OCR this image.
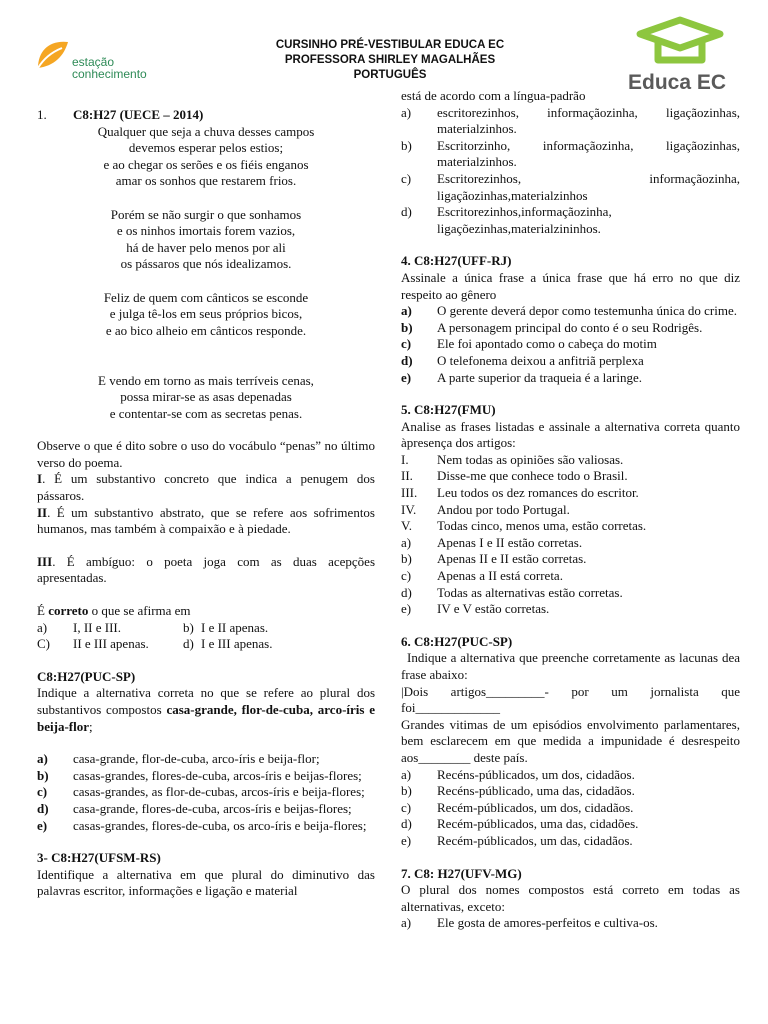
estação
conhecimento	Educa EC
CURSINHO PRÉ-VESTIBULAR EDUCA EC
PROFESSORA SHIRLEY MAGALHÃES
PORTUGUÊS
1.	C8:H27 (UECE – 2014)
Qualquer que seja a chuva desses campos
devemos esperar pelos estios;
e ao chegar os serões e os fiéis enganos
amar os sonhos que restarem frios.
Porém se não surgir o que sonhamos
e os ninhos imortais forem vazios,
há de haver pelo menos por ali
os pássaros que nós idealizamos.
Feliz de quem com cânticos se esconde
e julga tê-los em seus próprios bicos,
e ao bico alheio em cânticos responde.
E vendo em torno as mais terríveis cenas,
possa mirar-se as asas depenadas
e contentar-se com as secretas penas.

Observe o que é dito sobre o uso do vocábulo “penas” no último verso do poema.

I. É um substantivo concreto que indica a penugem dos pássaros.

II. É um substantivo abstrato, que se refere aos sofrimentos humanos, mas também à compaixão e à piedade.

III. É ambíguo: o poeta joga com as duas acepções apresentadas.

É correto o que se afirma em

a)	I, II e III.	b) I e II apenas.
C)	II e III apenas.	d) I e III apenas.

C8:H27(PUC-SP)

Indique a alternativa correta no que se refere ao plural dos substantivos compostos casa-grande, flor-de-cuba, arco-íris e beija-flor;

a)	casa-grande, flor-de-cuba, arco-íris e beija-flor;
b)	casas-grandes, flores-de-cuba, arcos-íris e beijas-flores;
c)	casas-grandes, as flor-de-cubas, arcos-íris e beija-flores;
d)	casa-grande, flores-de-cuba, arcos-íris e beijas-flores;
e)	casas-grandes, flores-de-cuba, os arco-íris e beija-flores;

3- C8:H27(UFSM-RS)

Identifique a alternativa em que plural do diminutivo das palavras escritor, informações e ligação e material

está de acordo com a língua-padrão

a)	escritorezinhos, informaçãozinha, ligaçãozinhas, materialzinhos.
b)	Escritorzinho, informaçãozinha, ligaçãozinhas, materialzinhos.
c)	Escritorezinhos, informaçãozinha, ligaçãozinhas,materialzinhos
d)	Escritorezinhos,informaçãozinha, ligaçõezinhas,materialzininhos.

4. C8:H27(UFF-RJ)

Assinale a única frase a única frase que há erro no que diz respeito ao gênero

a)	O gerente deverá depor como testemunha única do crime.
b)	A personagem principal do conto é o seu Rodrigês.
c)	Ele foi apontado como o cabeça do motim
d)	O telefonema deixou a anfitriã perplexa
e)	A parte superior da traqueia é a laringe.

5. C8:H27(FMU)

Analise as frases listadas e assinale a alternativa correta quanto àpresença dos artigos:

I.	Nem todas as opiniões são valiosas.
II.	Disse-me que conhece todo o Brasil.
III.	Leu todos os dez romances do escritor.
IV.	Andou por todo Portugal.
V.	Todas cinco, menos uma, estão corretas.
a)	Apenas I e II estão corretas.
b)	Apenas II e II estão corretas.
c)	Apenas a II está correta.
d)	Todas as alternativas estão corretas.
e)	IV e V estão corretas.

6. C8:H27(PUC-SP)

Indique a alternativa que preenche corretamente as lacunas dea frase abaixo:

|Dois artigos_________- por um jornalista que foi_____________

Grandes vitimas de um episódios envolvimento parlamentares, bem esclarecem em que medida a impunidade é desrespeito aos________ deste país.

a)	Recéns-públicados, um dos, cidadãos.
b)	Recéns-públicado, uma das, cidadãos.
c)	Recém-públicados, um dos, cidadãos.
d)	Recém-públicados, uma das, cidadões.
e)	Recém-públicados, um das, cidadãos.

7. C8: H27(UFV-MG)

O plural dos nomes compostos está correto em todas as alternativas, exceto:

a)	Ele gosta de amores-perfeitos e cultiva-os.
